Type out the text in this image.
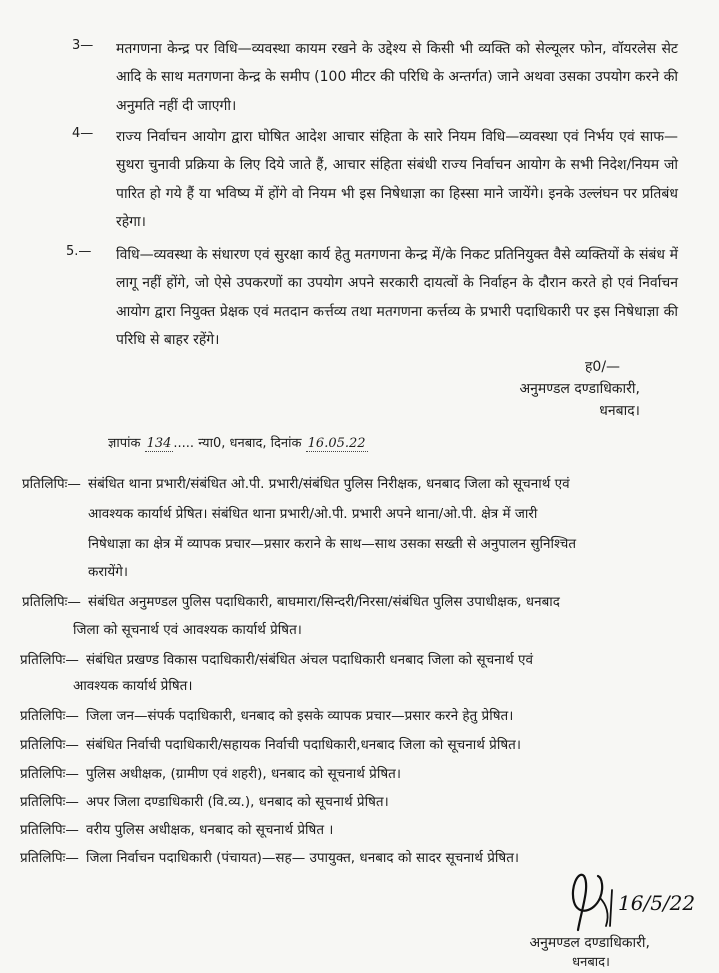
3— मतगणना केन्द्र पर विधि—व्यवस्था कायम रखने के उद्देश्य से किसी भी व्यक्ति को सेल्यूलर फोन, वॉयरलेस सेट आदि के साथ मतगणना केन्द्र के समीप (100 मीटर की परिधि के अन्तर्गत) जाने अथवा उसका उपयोग करने की अनुमति नहीं दी जाएगी।
4— राज्य निर्वाचन आयोग द्वारा घोषित आदेश आचार संहिता के सारे नियम विधि—व्यवस्था एवं निर्भय एवं साफ—सुथरा चुनावी प्रक्रिया के लिए दिये जाते हैं, आचार संहिता संबंधी राज्य निर्वाचन आयोग के सभी निदेश/नियम जो पारित हो गये हैं या भविष्य में होंगे वो नियम भी इस निषेधाज्ञा का हिस्सा माने जायेंगे। इनके उल्लंघन पर प्रतिबंध रहेगा।
5.— विधि—व्यवस्था के संधारण एवं सुरक्षा कार्य हेतु मतगणना केन्द्र में/के निकट प्रतिनियुक्त वैसे व्यक्तियों के संबंध में लागू नहीं होंगे, जो ऐसे उपकरणों का उपयोग अपने सरकारी दायत्वों के निर्वाहन के दौरान करते हो एवं निर्वाचन आयोग द्वारा नियुक्त प्रेक्षक एवं मतदान कर्त्तव्य तथा मतगणना कर्त्तव्य के प्रभारी पदाधिकारी पर इस निषेधाज्ञा की परिधि से बाहर रहेंगे।
ह0/—
अनुमण्डल दण्डाधिकारी,
धनबाद।
ज्ञापांक 134 ..... न्या0, धनबाद, दिनांक 16.05.22
प्रतिलिपिः— संबंधित थाना प्रभारी/संबंधित ओ.पी. प्रभारी/संबंधित पुलिस निरीक्षक, धनबाद जिला को सूचनार्थ एवं
आवश्यक कार्यार्थ प्रेषित। संबंधित थाना प्रभारी/ओ.पी. प्रभारी अपने थाना/ओ.पी. क्षेत्र में जारी
निषेधाज्ञा का क्षेत्र में व्यापक प्रचार—प्रसार कराने के साथ—साथ उसका सख्ती से अनुपालन सुनिश्चित
करायेंगे।
प्रतिलिपिः— संबंधित अनुमण्डल पुलिस पदाधिकारी, बाघमारा/सिन्दरी/निरसा/संबंधित पुलिस उपाधीक्षक, धनबाद
जिला को सूचनार्थ एवं आवश्यक कार्यार्थ प्रेषित।
प्रतिलिपिः— संबंधित प्रखण्ड विकास पदाधिकारी/संबंधित अंचल पदाधिकारी धनबाद जिला को सूचनार्थ एवं
आवश्यक कार्यार्थ प्रेषित।
प्रतिलिपिः— जिला जन—संपर्क पदाधिकारी, धनबाद को इसके व्यापक प्रचार—प्रसार करने हेतु प्रेषित।
प्रतिलिपिः— संबंधित निर्वाची पदाधिकारी/सहायक निर्वाची पदाधिकारी,धनबाद जिला को सूचनार्थ प्रेषित।
प्रतिलिपिः— पुलिस अधीक्षक, (ग्रामीण एवं शहरी), धनबाद को सूचनार्थ प्रेषित।
प्रतिलिपिः— अपर जिला दण्डाधिकारी (वि.व्य.), धनबाद को सूचनार्थ प्रेषित।
प्रतिलिपिः— वरीय पुलिस अधीक्षक, धनबाद को सूचनार्थ प्रेषित ।
प्रतिलिपिः— जिला निर्वाचन पदाधिकारी (पंचायत)—सह— उपायुक्त, धनबाद को सादर सूचनार्थ प्रेषित।
16/5/22
अनुमण्डल दण्डाधिकारी,
धनबाद।
